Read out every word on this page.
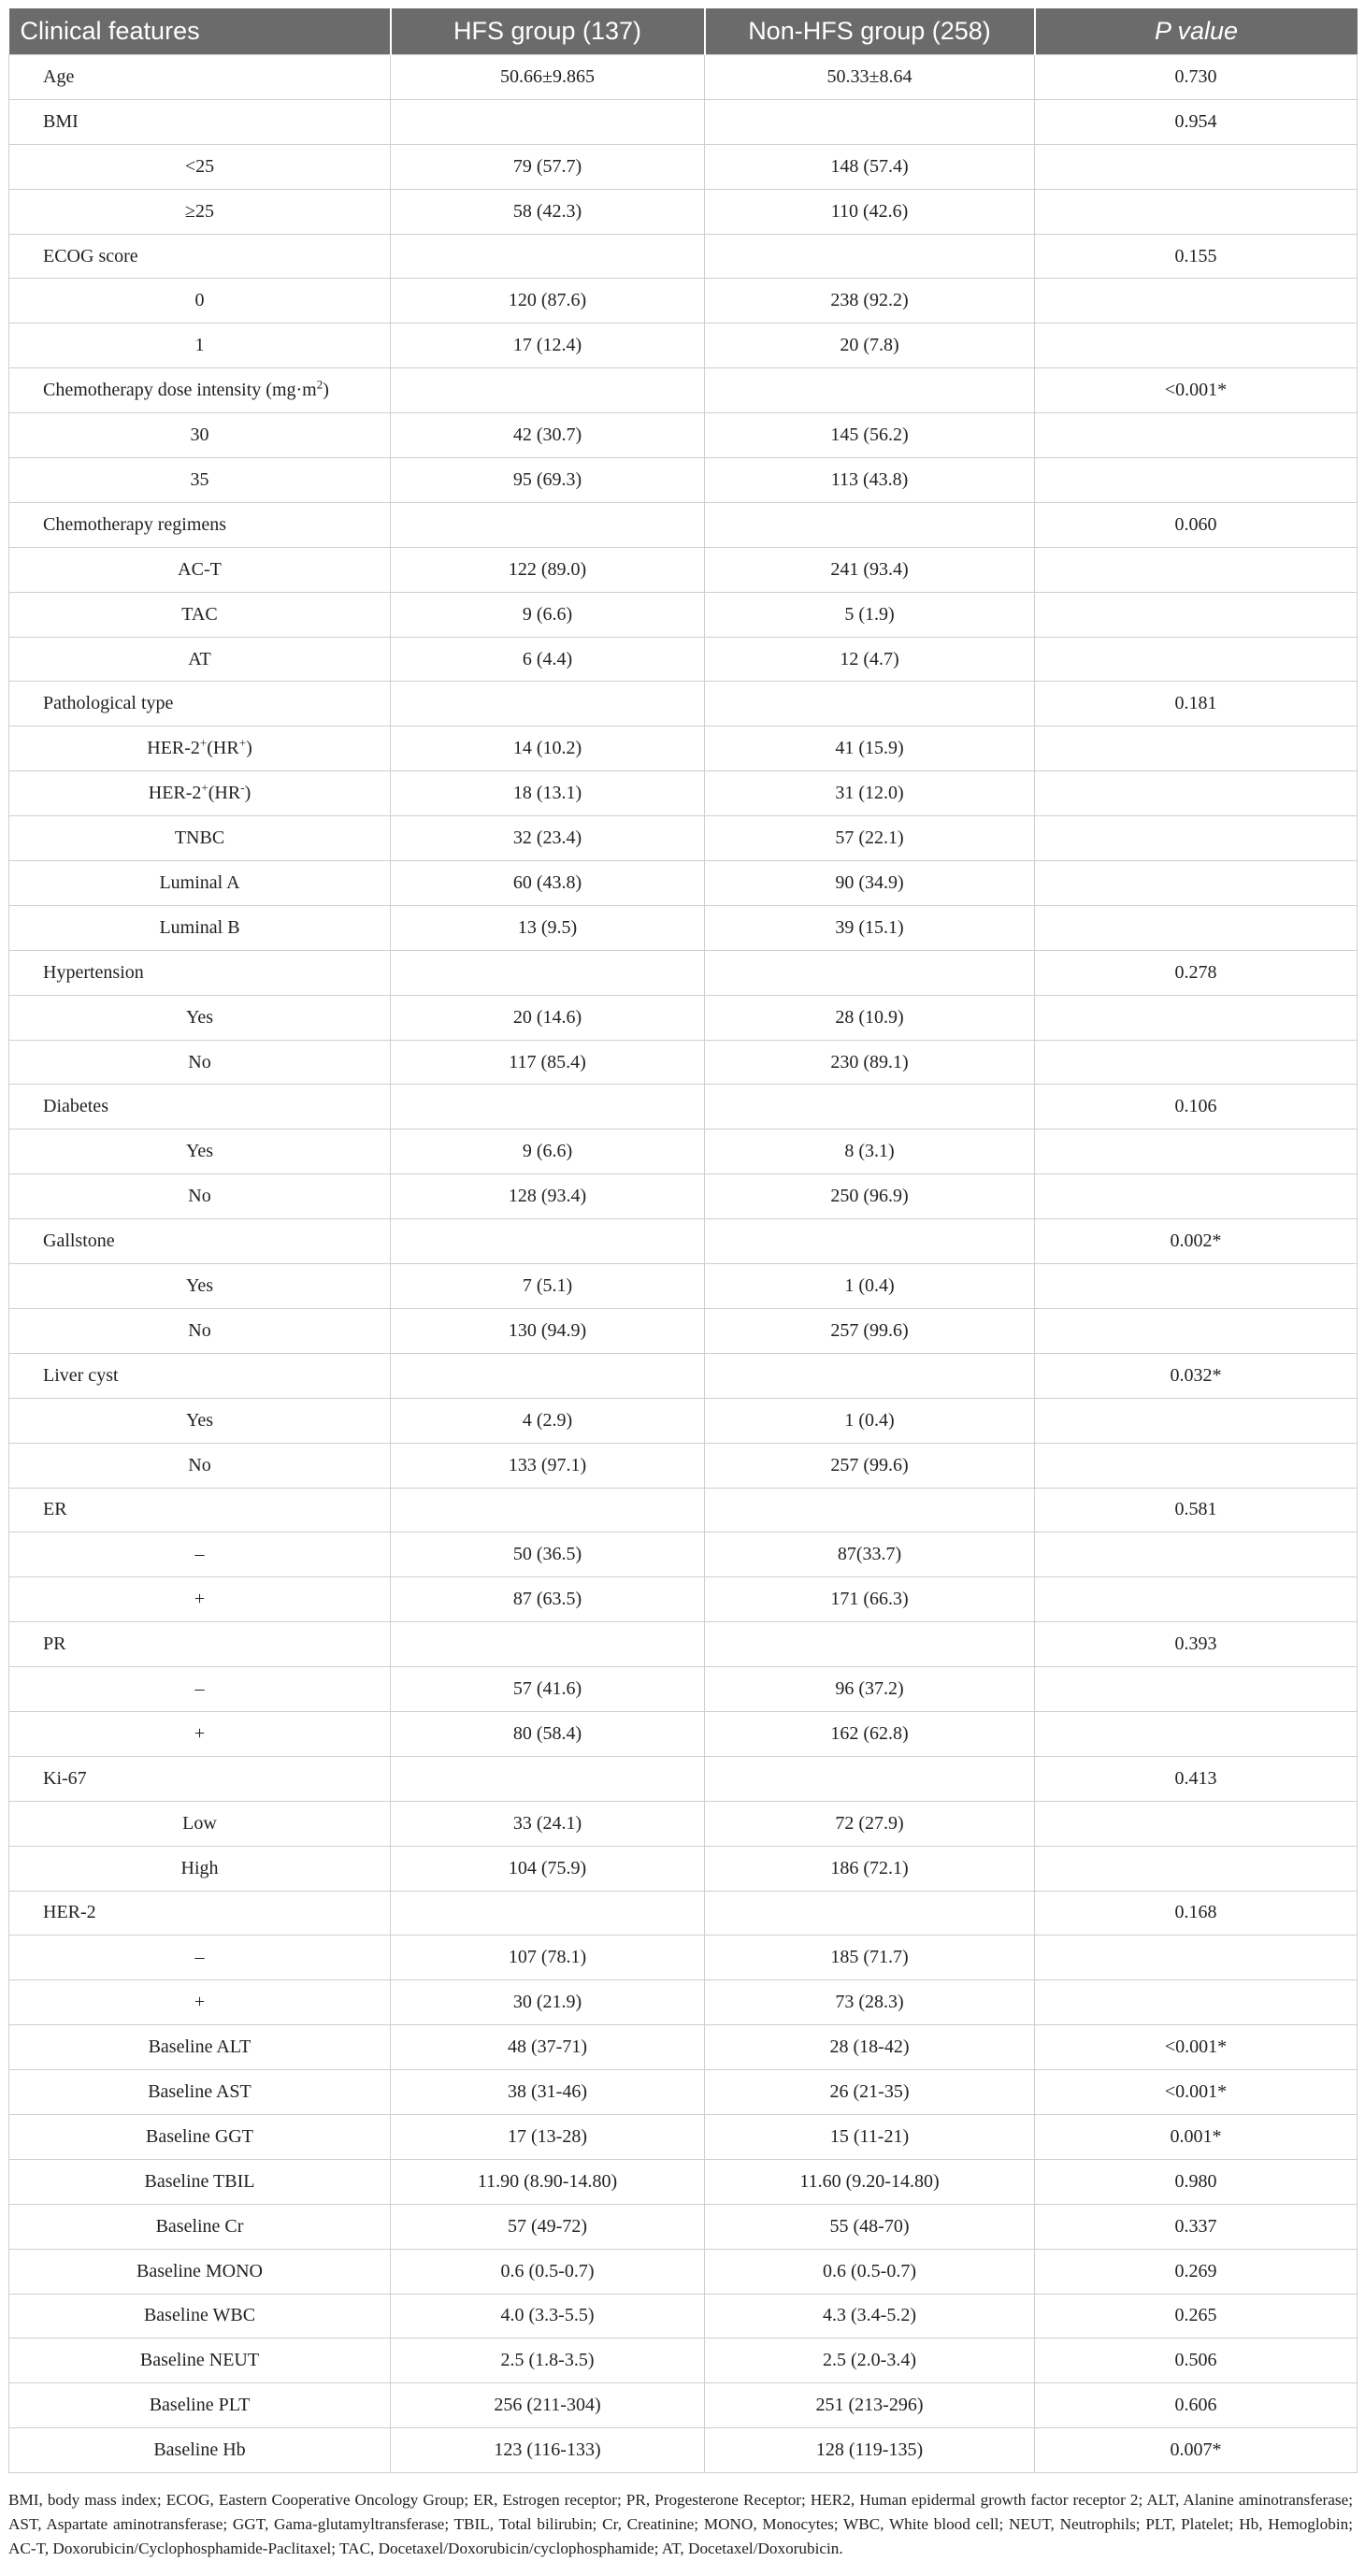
Clinical features	HFS group (137)	Non-HFS group (258)	P value
Age	50.66±9.865	50.33±8.64	0.730
BMI			0.954
<25	79 (57.7)	148 (57.4)	
≥25	58 (42.3)	110 (42.6)	
ECOG score			0.155
0	120 (87.6)	238 (92.2)	
1	17 (12.4)	20 (7.8)	
Chemotherapy dose intensity $(mg\cdot m^2)$			<0.001*
30	42 (30.7)	145 (56.2)	
35	95 (69.3)	113 (43.8)	
Chemotherapy regimens			0.060
AC-T	122 (89.0)	241 (93.4)	
TAC	9 (6.6)	5 (1.9)	
AT	6 (4.4)	12 (4.7)	
Pathological type			0.181
HER-2+(HR+)	14 (10.2)	41 (15.9)	
HER-2+(HR-)	18 (13.1)	31 (12.0)	
TNBC	32 (23.4)	57 (22.1)	
Luminal A	60 (43.8)	90 (34.9)	
Luminal B	13 (9.5)	39 (15.1)	
Hypertension			0.278
Yes	20 (14.6)	28 (10.9)	
No	117 (85.4)	230 (89.1)	
Diabetes			0.106
Yes	9 (6.6)	8 (3.1)	
No	128 (93.4)	250 (96.9)	
Gallstone			0.002*
Yes	7 (5.1)	1 (0.4)	
No	130 (94.9)	257 (99.6)	
Liver cyst			0.032*
Yes	4 (2.9)	1 (0.4)	
No	133 (97.1)	257 (99.6)	
ER			0.581
–	50 (36.5)	87(33.7)	
+	87 (63.5)	171 (66.3)	
PR			0.393
–	57 (41.6)	96 (37.2)	
+	80 (58.4)	162 (62.8)	
Ki-67			0.413
Low	33 (24.1)	72 (27.9)	
High	104 (75.9)	186 (72.1)	
HER-2			0.168
–	107 (78.1)	185 (71.7)	
+	30 (21.9)	73 (28.3)	
Baseline ALT	48 (37-71)	28 (18-42)	<0.001*
Baseline AST	38 (31-46)	26 (21-35)	<0.001*
Baseline GGT	17 (13-28)	15 (11-21)	0.001*
Baseline TBIL	11.90 (8.90-14.80)	11.60 (9.20-14.80)	0.980
Baseline Cr	57 (49-72)	55 (48-70)	0.337
Baseline MONO	0.6 (0.5-0.7)	0.6 (0.5-0.7)	0.269
Baseline WBC	4.0 (3.3-5.5)	4.3 (3.4-5.2)	0.265
Baseline NEUT	2.5 (1.8-3.5)	2.5 (2.0-3.4)	0.506
Baseline PLT	256 (211-304)	251 (213-296)	0.606
Baseline Hb	123 (116-133)	128 (119-135)	0.007*
BMI, body mass index; ECOG, Eastern Cooperative Oncology Group; ER, Estrogen receptor; PR, Progesterone Receptor; HER2, Human epidermal growth factor receptor 2; ALT, Alanine aminotransferase; AST, Aspartate aminotransferase; GGT, Gama-glutamyltransferase; TBIL, Total bilirubin; Cr, Creatinine; MONO, Monocytes; WBC, White blood cell; NEUT, Neutrophils; PLT, Platelet; Hb, Hemoglobin; AC-T, Doxorubicin/Cyclophosphamide-Paclitaxel; TAC, Docetaxel/Doxorubicin/cyclophosphamide; AT, Docetaxel/Doxorubicin.
